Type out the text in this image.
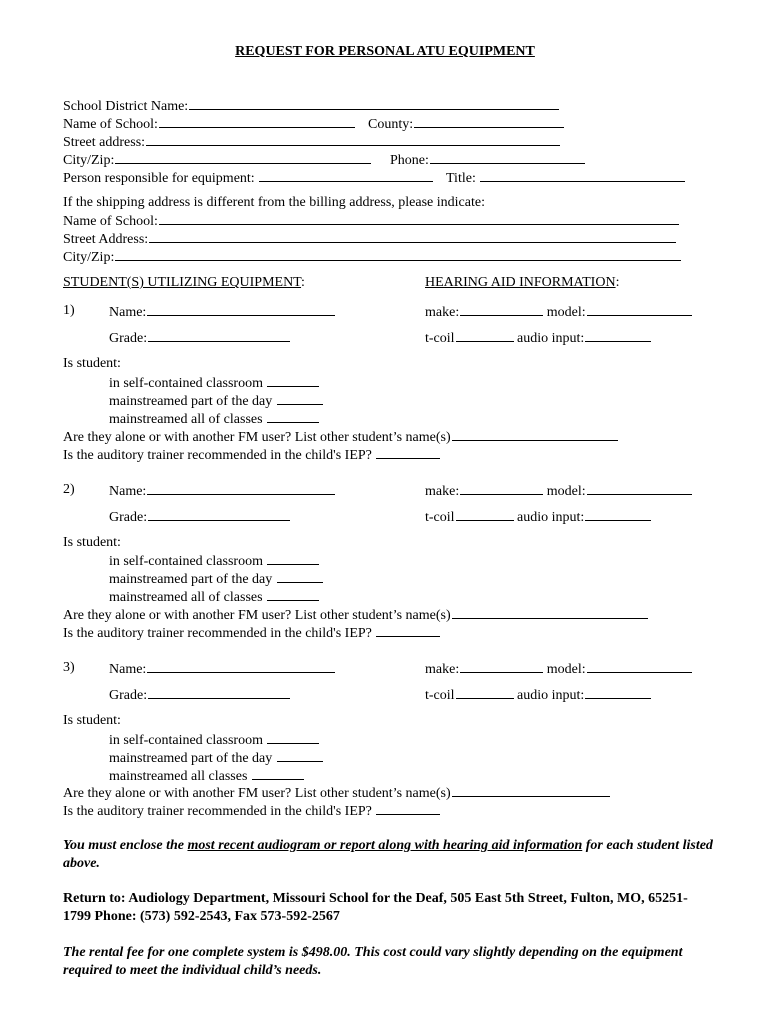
REQUEST FOR PERSONAL ATU EQUIPMENT
School District Name:
Name of School:	County:
Street address:
City/Zip:	Phone:
Person responsible for equipment:	Title:
If the shipping address is different from the billing address, please indicate:
Name of School:
Street Address:
City/Zip:
STUDENT(S) UTILIZING EQUIPMENT:	HEARING AID INFORMATION:
1) Name:	make:	model:
Grade:	t-coil	audio input:
Is student:
in self-contained classroom
mainstreamed part of the day
mainstreamed all of classes
Are they alone or with another FM user? List other student’s name(s)
Is the auditory trainer recommended in the child's IEP?
2) Name:	make:	model:
Grade:	t-coil	audio input:
Is student:
in self-contained classroom
mainstreamed part of the day
mainstreamed all of classes
Are they alone or with another FM user? List other student’s name(s)
Is the auditory trainer recommended in the child's IEP?
3) Name:	make:	model:
Grade:	t-coil	audio input:
Is student:
in self-contained classroom
mainstreamed part of the day
mainstreamed all classes
Are they alone or with another FM user? List other student’s name(s)
Is the auditory trainer recommended in the child's IEP?
You must enclose the most recent audiogram or report along with hearing aid information for each student listed above.
Return to: Audiology Department, Missouri School for the Deaf, 505 East 5th Street, Fulton, MO, 65251-1799 Phone: (573) 592-2543, Fax 573-592-2567
The rental fee for one complete system is $498.00. This cost could vary slightly depending on the equipment required to meet the individual child’s needs.
